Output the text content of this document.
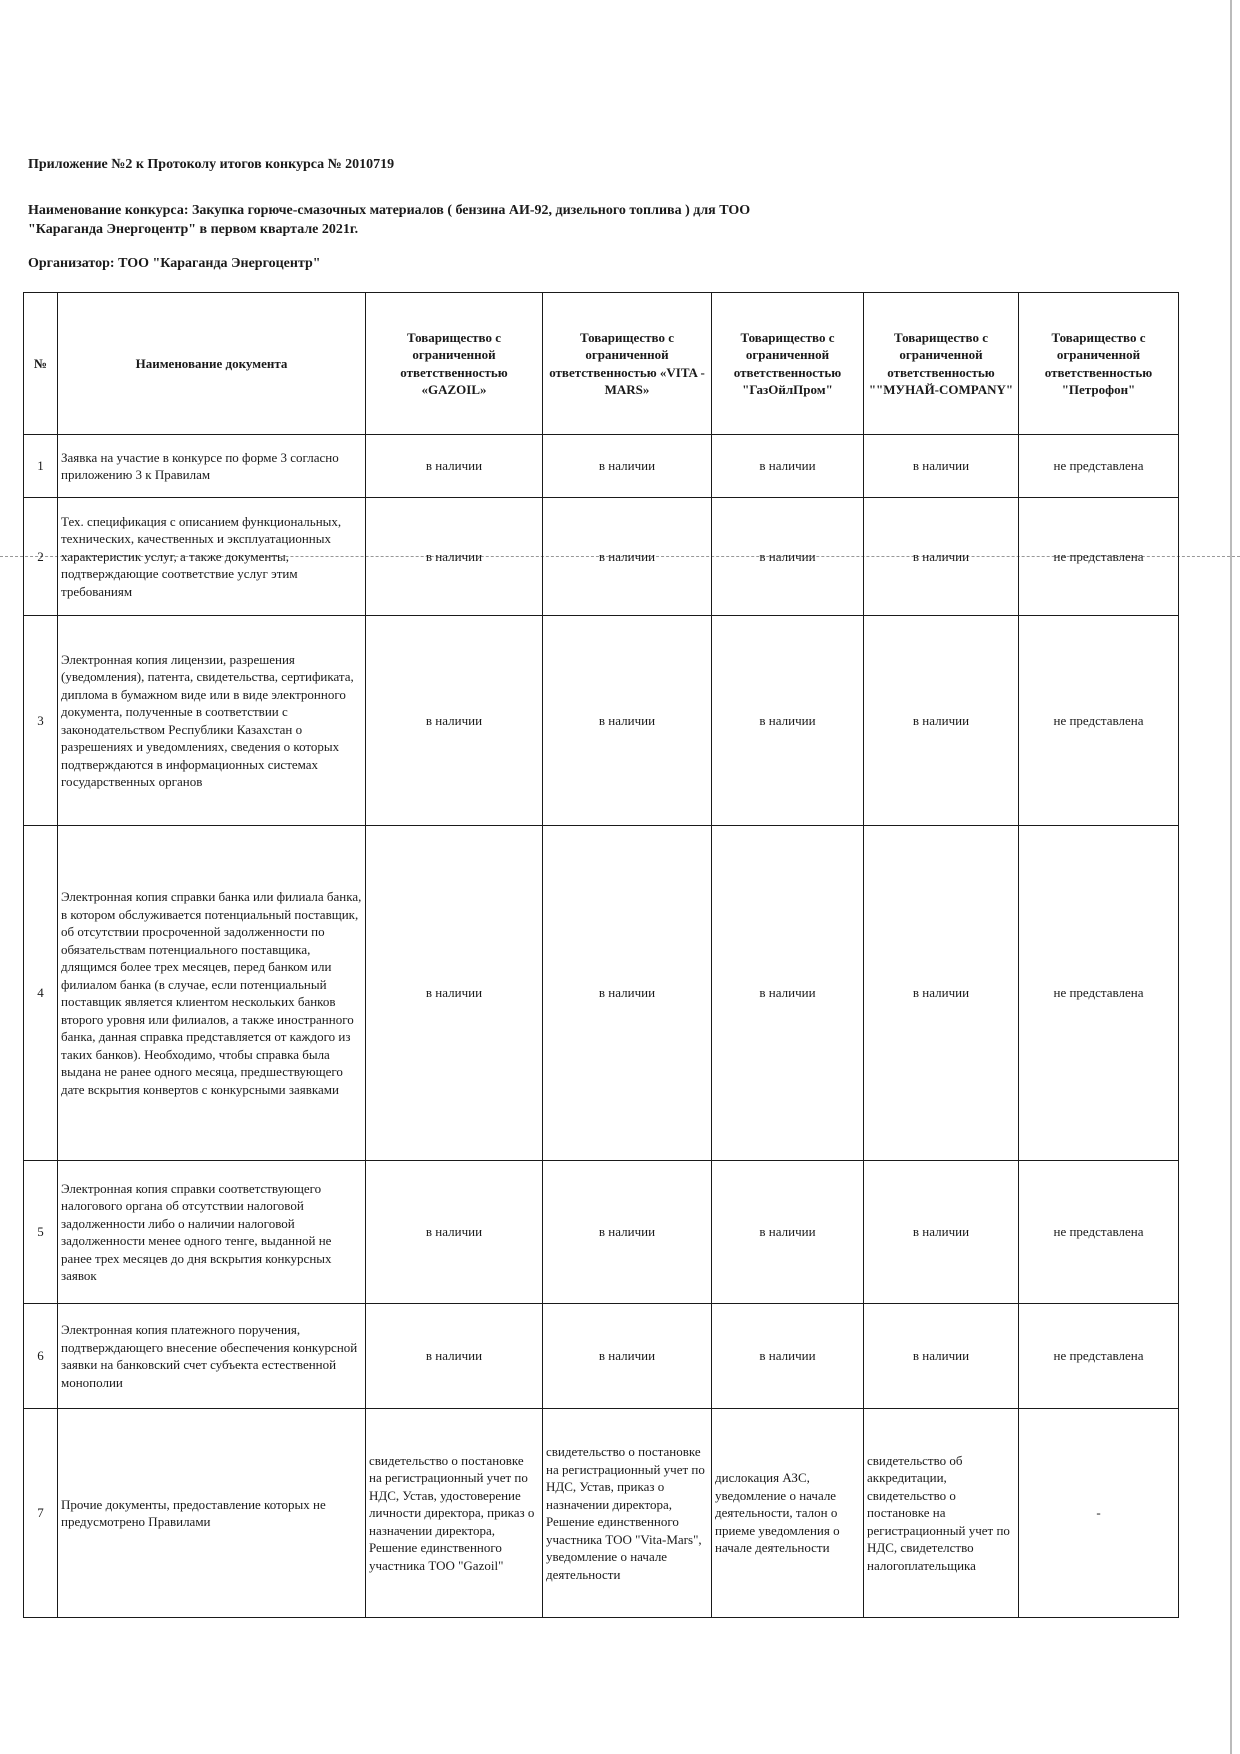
Приложение №2 к Протоколу итогов конкурса № 2010719
Наименование конкурса: Закупка горюче-смазочных материалов ( бензина АИ-92, дизельного топлива ) для ТОО
"Караганда Энергоцентр" в первом квартале 2021г.
Организатор: ТОО "Караганда Энергоцентр"
№	Наименование документа	Товарищество с ограниченной ответственностью «GAZOIL»	Товарищество с ограниченной ответственностью «VITA -MARS»	Товарищество с ограниченной ответственностью "ГазОйлПром"	Товарищество с ограниченной ответственностью ""МУНАЙ-COMPANY"	Товарищество с ограниченной ответственностью "Петрофон"
1	Заявка на участие в конкурсе по форме 3 согласно приложению 3 к Правилам	в наличии	в наличии	в наличии	в наличии	не представлена
2	Тех. спецификация с описанием функциональных, технических, качественных и эксплуатационных характеристик услуг, а также документы, подтверждающие соответствие услуг этим требованиям	в наличии	в наличии	в наличии	в наличии	не представлена
3	Электронная копия лицензии, разрешения (уведомления), патента, свидетельства, сертификата, диплома в бумажном виде или в виде электронного документа, полученные в соответствии с законодательством Республики Казахстан о разрешениях и уведомлениях, сведения о которых подтверждаются в информационных системах государственных органов	в наличии	в наличии	в наличии	в наличии	не представлена
4	Электронная копия справки банка или филиала банка, в котором обслуживается потенциальный поставщик, об отсутствии просроченной задолженности по обязательствам потенциального поставщика, длящимся более трех месяцев, перед банком или филиалом банка (в случае, если потенциальный поставщик является клиентом нескольких банков второго уровня или филиалов, а также иностранного банка, данная справка представляется от каждого из таких банков). Необходимо, чтобы справка была выдана не ранее одного месяца, предшествующего дате вскрытия конвертов с конкурсными заявками	в наличии	в наличии	в наличии	в наличии	не представлена
5	Электронная копия справки соответствующего налогового органа об отсутствии налоговой задолженности либо о наличии налоговой задолженности менее одного тенге, выданной не ранее трех месяцев до дня вскрытия конкурсных заявок	в наличии	в наличии	в наличии	в наличии	не представлена
6	Электронная копия платежного поручения, подтверждающего внесение обеспечения конкурсной заявки на банковский счет субъекта естественной монополии	в наличии	в наличии	в наличии	в наличии	не представлена
7	Прочие документы, предоставление которых не предусмотрено Правилами	свидетельство о постановке на регистрационный учет по НДС, Устав, удостоверение личности директора, приказ о назначении директора, Решение единственного участника ТОО "Gazoil"	свидетельство о постановке на регистрационный учет по НДС, Устав, приказ о назначении директора, Решение единственного участника ТОО "Vita-Mars", уведомление о начале деятельности	дислокация АЗС, уведомление о начале деятельности, талон о приеме уведомления о начале деятельности	свидетельство об аккредитации, свидетельство о постановке на регистрационный учет по НДС, свидетелство налогоплательщика	-
